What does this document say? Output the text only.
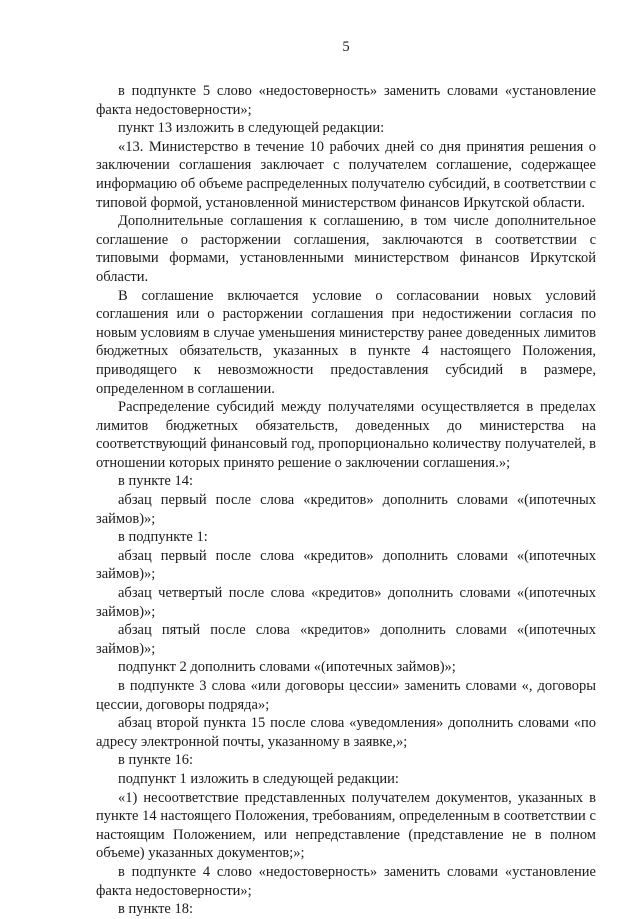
5

в подпункте 5 слово «недостоверность» заменить словами «установление факта недостоверности»;

пункт 13 изложить в следующей редакции:

«13. Министерство в течение 10 рабочих дней со дня принятия решения о заключении соглашения заключает с получателем соглашение, содержащее информацию об объеме распределенных получателю субсидий, в соответствии с типовой формой, установленной министерством финансов Иркутской области.

Дополнительные соглашения к соглашению, в том числе дополнительное соглашение о расторжении соглашения, заключаются в соответствии с типовыми формами, установленными министерством финансов Иркутской области.

В соглашение включается условие о согласовании новых условий соглашения или о расторжении соглашения при недостижении согласия по новым условиям в случае уменьшения министерству ранее доведенных лимитов бюджетных обязательств, указанных в пункте 4 настоящего Положения, приводящего к невозможности предоставления субсидий в размере, определенном в соглашении.

Распределение субсидий между получателями осуществляется в пределах лимитов бюджетных обязательств, доведенных до министерства на соответствующий финансовый год, пропорционально количеству получателей, в отношении которых принято решение о заключении соглашения.»;

в пункте 14:

абзац первый после слова «кредитов» дополнить словами «(ипотечных займов)»;

в подпункте 1:

абзац первый после слова «кредитов» дополнить словами «(ипотечных займов)»;

абзац четвертый после слова «кредитов» дополнить словами «(ипотечных займов)»;

абзац пятый после слова «кредитов» дополнить словами «(ипотечных займов)»;

подпункт 2 дополнить словами «(ипотечных займов)»;

в подпункте 3 слова «или договоры цессии» заменить словами «, договоры цессии, договоры подряда»;

абзац второй пункта 15 после слова «уведомления» дополнить словами «по адресу электронной почты, указанному в заявке,»;

в пункте 16:

подпункт 1 изложить в следующей редакции:

«1) несоответствие представленных получателем документов, указанных в пункте 14 настоящего Положения, требованиям, определенным в соответствии с настоящим Положением, или непредставление (представление не в полном объеме) указанных документов;»;

в подпункте 4 слово «недостоверность» заменить словами «установление факта недостоверности»;

в пункте 18:
